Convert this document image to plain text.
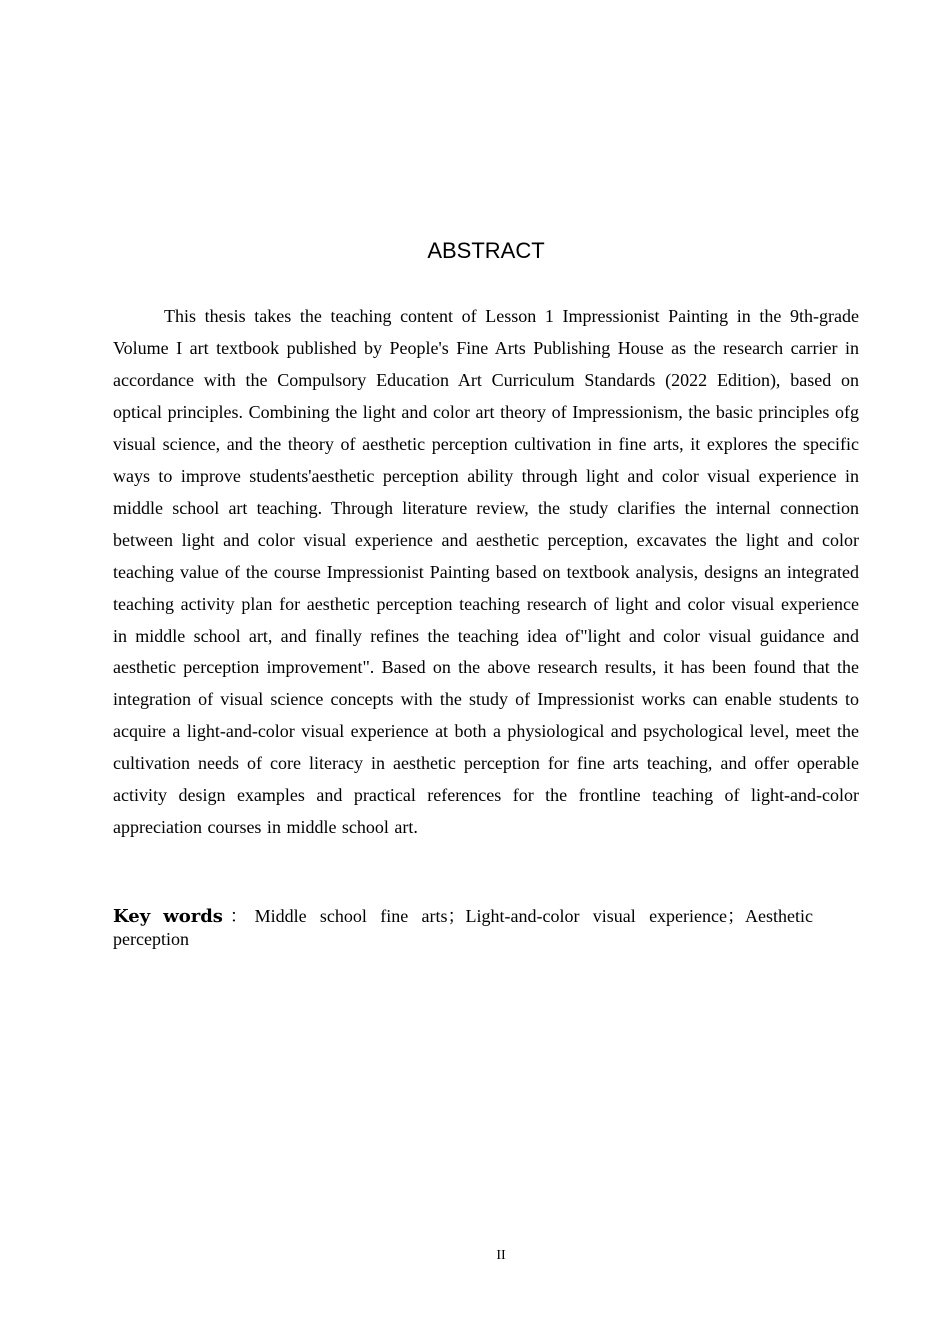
ABSTRACT

This thesis takes the teaching content of Lesson 1 Impressionist Painting in the 9th-grade Volume I art textbook published by People's Fine Arts Publishing House as the research carrier in accordance with the Compulsory Education Art Curriculum Standards (2022 Edition), based on optical principles. Combining the light and color art theory of Impressionism, the basic principles ofg visual science, and the theory of aesthetic perception cultivation in fine arts, it explores the specific ways to improve students'aesthetic perception ability through light and color visual experience in middle school art teaching. Through literature review, the study clarifies the internal connection between light and color visual experience and aesthetic perception, excavates the light and color teaching value of the course Impressionist Painting based on textbook analysis, designs an integrated teaching activity plan for aesthetic perception teaching research of light and color visual experience in middle school art, and finally refines the teaching idea of"light and color visual guidance and aesthetic perception improvement". Based on the above research results, it has been found that the integration of visual science concepts with the study of Impressionist works can enable students to acquire a light-and-color visual experience at both a physiological and psychological level, meet the cultivation needs of core literacy in aesthetic perception for fine arts teaching, and offer operable activity design examples and practical references for the frontline teaching of light-and-color appreciation courses in middle school art.

Key words：Middle school fine arts；Light-and-color visual experience；Aesthetic perception

II
